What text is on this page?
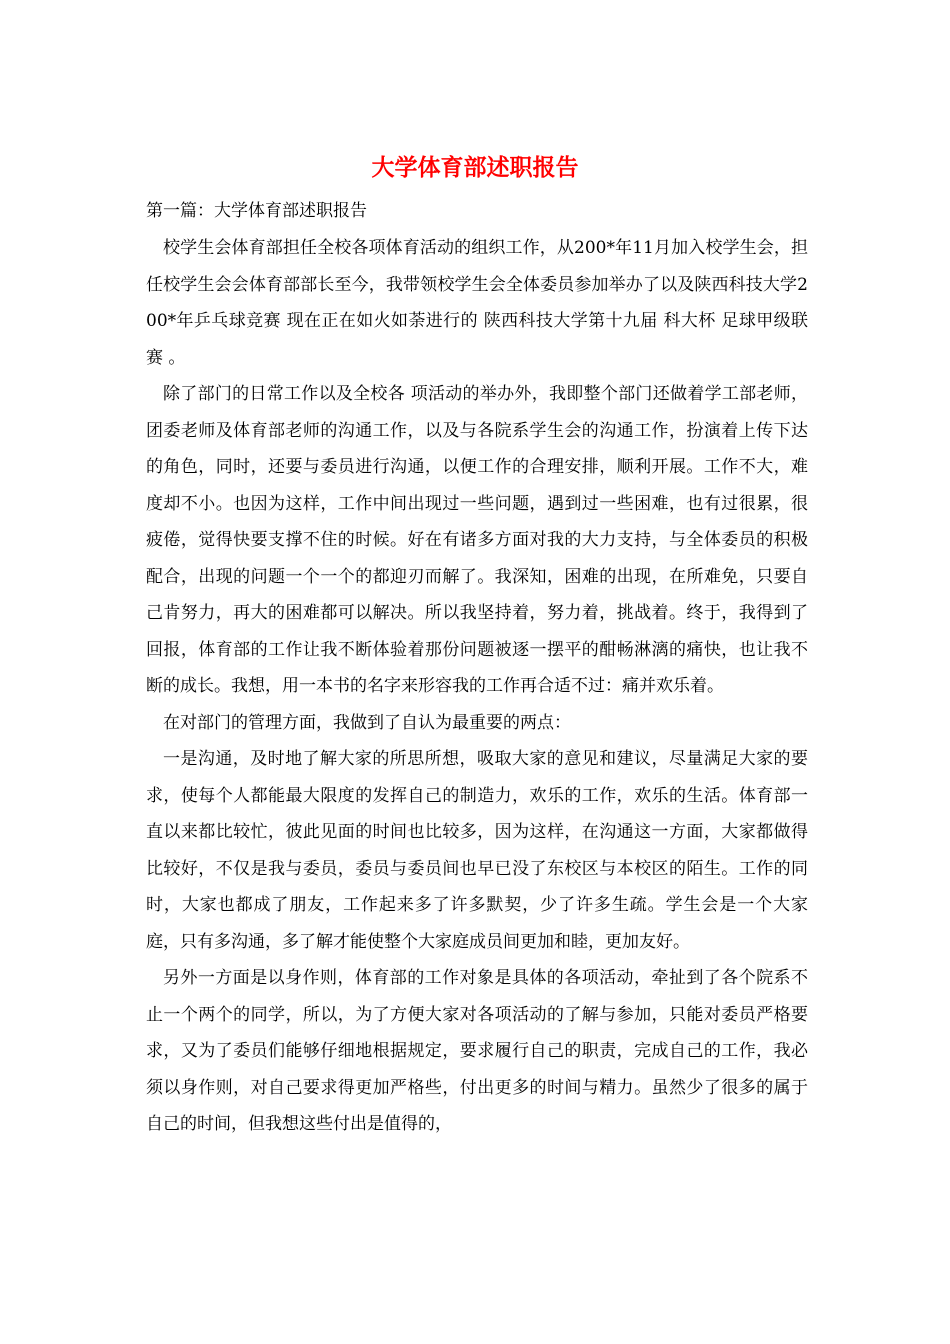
大学体育部述职报告
第一篇：大学体育部述职报告

校学生会体育部担任全校各项体育活动的组织工作，从200*年11月加入校学生会，担任校学生会会体育部部长至今，我带领校学生会全体委员参加举办了以及陕西科技大学200*年乒乓球竞赛 现在正在如火如荼进行的 陕西科技大学第十九届 科大杯 足球甲级联赛 。

除了部门的日常工作以及全校各 项活动的举办外，我即整个部门还做着学工部老师，团委老师及体育部老师的沟通工作，以及与各院系学生会的沟通工作，扮演着上传下达的角色，同时，还要与委员进行沟通，以便工作的合理安排，顺利开展。工作不大，难度却不小。也因为这样，工作中间出现过一些问题，遇到过一些困难，也有过很累，很疲倦，觉得快要支撑不住的时候。好在有诸多方面对我的大力支持，与全体委员的积极配合，出现的问题一个一个的都迎刃而解了。我深知，困难的出现，在所难免，只要自己肯努力，再大的困难都可以解决。所以我坚持着，努力着，挑战着。终于，我得到了回报，体育部的工作让我不断体验着那份问题被逐一摆平的酣畅淋漓的痛快，也让我不断的成长。我想，用一本书的名字来形容我的工作再合适不过：痛并欢乐着。

在对部门的管理方面，我做到了自认为最重要的两点：

一是沟通，及时地了解大家的所思所想，吸取大家的意见和建议，尽量满足大家的要求，使每个人都能最大限度的发挥自己的制造力，欢乐的工作，欢乐的生活。体育部一直以来都比较忙，彼此见面的时间也比较多，因为这样，在沟通这一方面，大家都做得比较好，不仅是我与委员，委员与委员间也早已没了东校区与本校区的陌生。工作的同时，大家也都成了朋友，工作起来多了许多默契，少了许多生疏。学生会是一个大家庭，只有多沟通，多了解才能使整个大家庭成员间更加和睦，更加友好。

另外一方面是以身作则，体育部的工作对象是具体的各项活动，牵扯到了各个院系不止一个两个的同学，所以，为了方便大家对各项活动的了解与参加，只能对委员严格要求，又为了委员们能够仔细地根据规定，要求履行自己的职责，完成自己的工作，我必须以身作则，对自己要求得更加严格些，付出更多的时间与精力。虽然少了很多的属于自己的时间，但我想这些付出是值得的，
